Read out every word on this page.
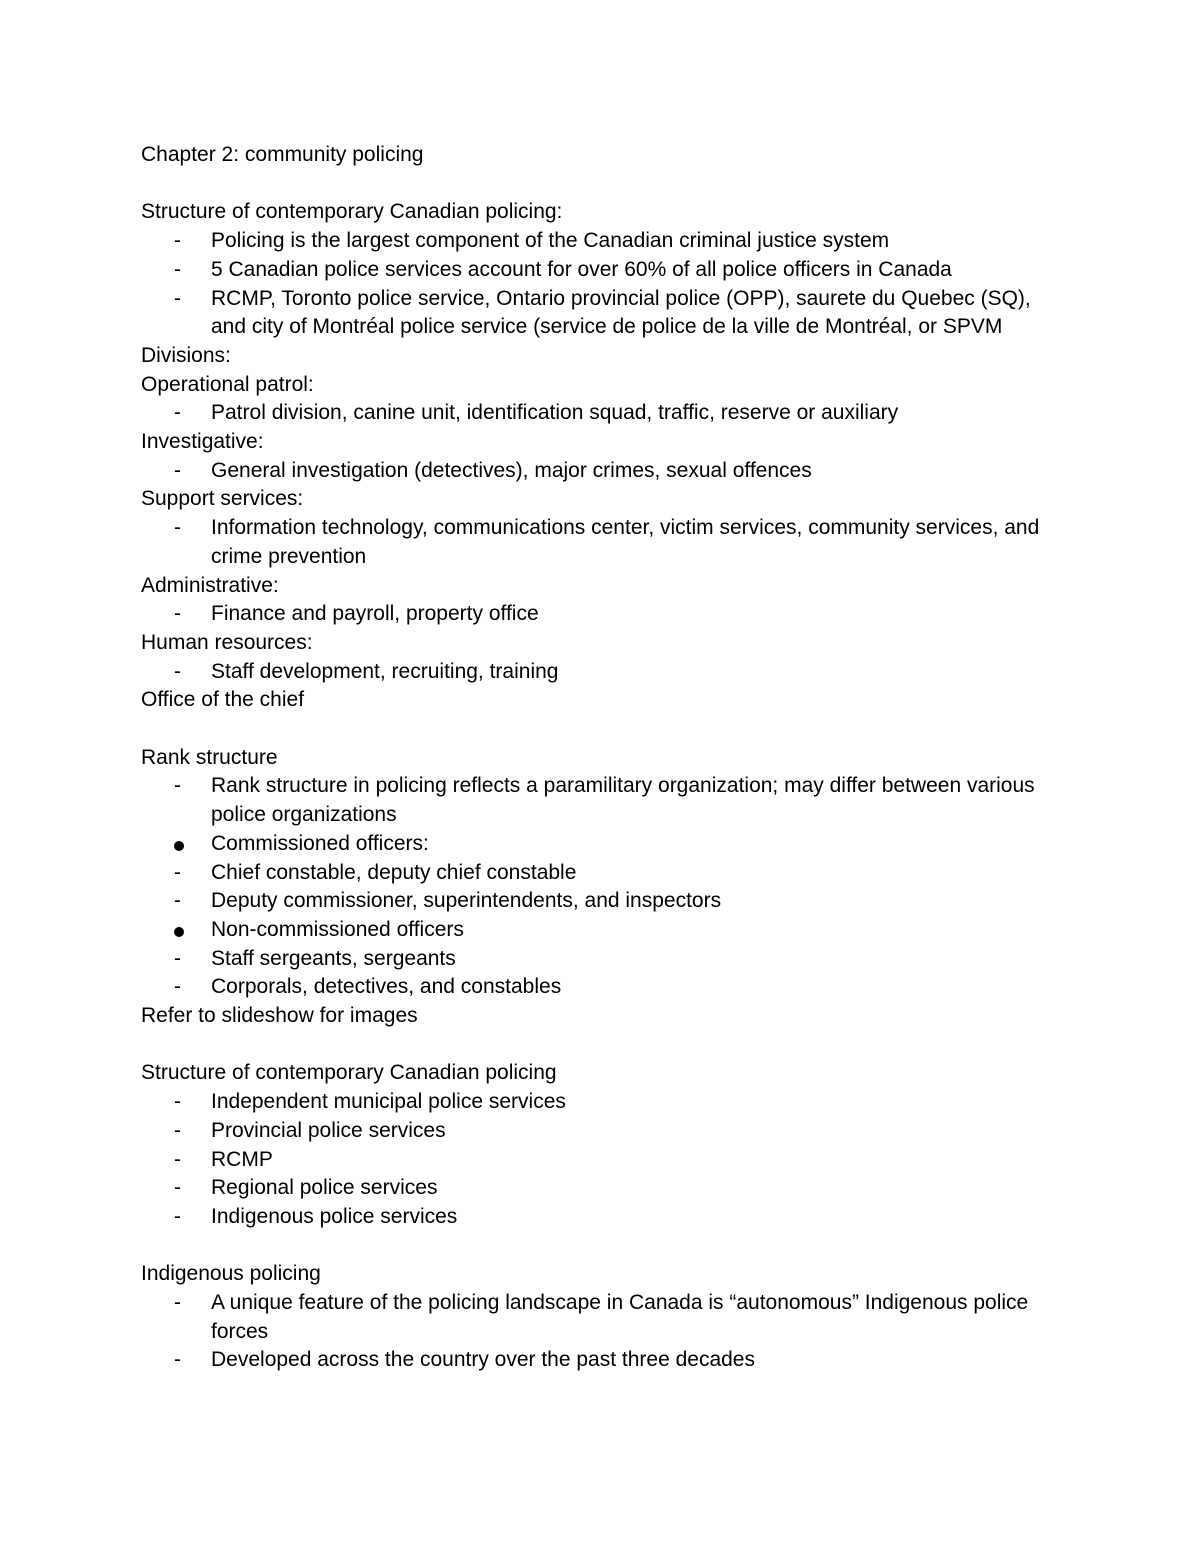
Chapter 2: community policing

Structure of contemporary Canadian policing:

-	Policing is the largest component of the Canadian criminal justice system
-	5 Canadian police services account for over 60% of all police officers in Canada
-	RCMP, Toronto police service, Ontario provincial police (OPP), saurete du Quebec (SQ), and city of Montréal police service (service de police de la ville de Montréal, or SPVM

Divisions:

Operational patrol:

-	Patrol division, canine unit, identification squad, traffic, reserve or auxiliary

Investigative:

-	General investigation (detectives), major crimes, sexual offences

Support services:

-	Information technology, communications center, victim services, community services, and crime prevention

Administrative:

-	Finance and payroll, property office

Human resources:

-	Staff development, recruiting, training

Office of the chief

Rank structure

-	Rank structure in policing reflects a paramilitary organization; may differ between various police organizations
Commissioned officers:
-	Chief constable, deputy chief constable
-	Deputy commissioner, superintendents, and inspectors
Non-commissioned officers
-	Staff sergeants, sergeants
-	Corporals, detectives, and constables

Refer to slideshow for images

Structure of contemporary Canadian policing

-	Independent municipal police services
-	Provincial police services
-	RCMP
-	Regional police services
-	Indigenous police services

Indigenous policing

-	A unique feature of the policing landscape in Canada is “autonomous” Indigenous police forces
-	Developed across the country over the past three decades
